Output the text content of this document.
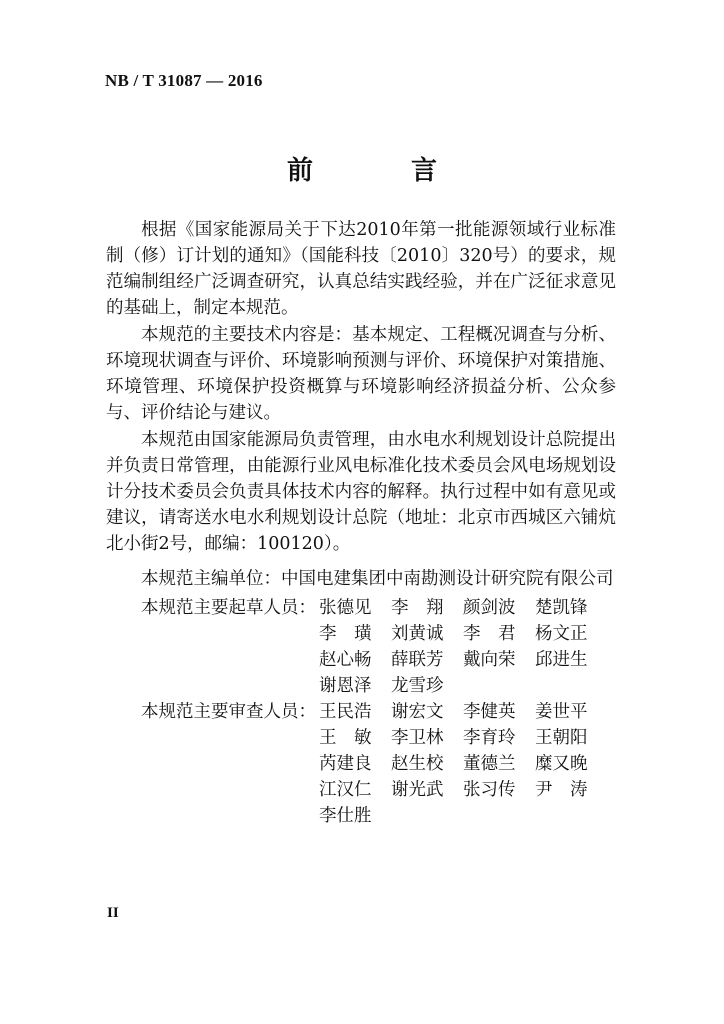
NB / T 31087 — 2016
前　言

根据《国家能源局关于下达2010年第一批能源领域行业标准制（修）订计划的通知》（国能科技〔2010〕320号）的要求，规范编制组经广泛调查研究，认真总结实践经验，并在广泛征求意见的基础上，制定本规范。

本规范的主要技术内容是：基本规定、工程概况调查与分析、环境现状调查与评价、环境影响预测与评价、环境保护对策措施、环境管理、环境保护投资概算与环境影响经济损益分析、公众参与、评价结论与建议。

本规范由国家能源局负责管理，由水电水利规划设计总院提出并负责日常管理，由能源行业风电标准化技术委员会风电场规划设计分技术委员会负责具体技术内容的解释。执行过程中如有意见或建议，请寄送水电水利规划设计总院（地址：北京市西城区六铺炕北小街2号，邮编：100120）。

本规范主编单位：中国电建集团中南勘测设计研究院有限公司
本规范主要起草人员： 张德见	李　翔	颜剑波	楚凯锋
李　璜	刘黄诚	李　君	杨文正
赵心畅	薛联芳	戴向荣	邱进生
谢恩泽	龙雪珍
本规范主要审查人员： 王民浩	谢宏文	李健英	姜世平
王　敏	李卫林	李育玲	王朝阳
芮建良	赵生校	董德兰	糜又晚
江汉仁	谢光武	张习传	尹　涛
李仕胜
II
